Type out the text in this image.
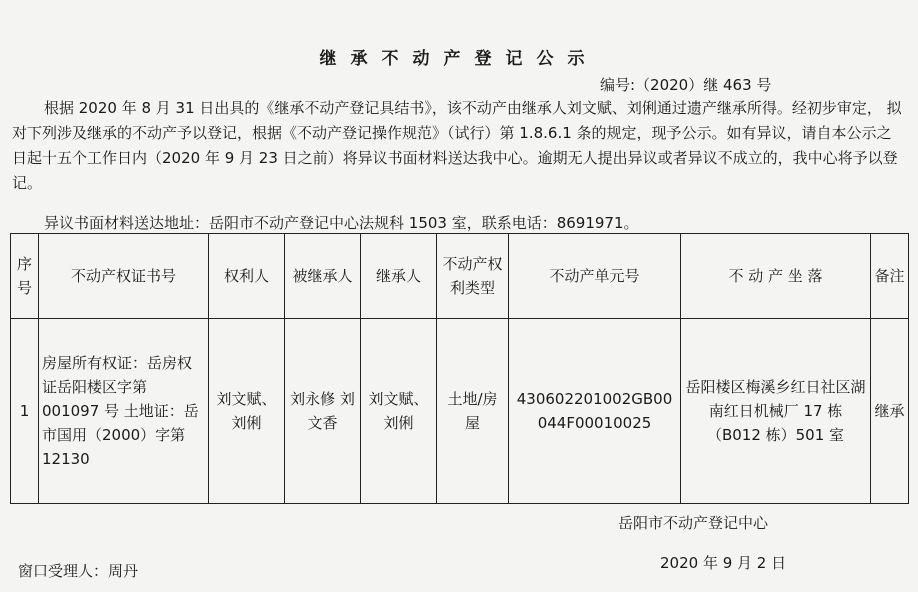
继承不动产登记公示
编号:（2020）继 463 号

根据 2020 年 8 月 31 日出具的《继承不动产登记具结书》，该不动产由继承人刘文赋、刘俐通过遗产继承所得。经初步审定， 拟对下列涉及继承的不动产予以登记，根据《不动产登记操作规范》（试行）第 1.8.6.1 条的规定，现予公示。如有异议，请自本公示之日起十五个工作日内（2020 年 9 月 23 日之前）将异议书面材料送达我中心。逾期无人提出异议或者异议不成立的，我中心将予以登记。

异议书面材料送达地址：岳阳市不动产登记中心法规科 1503 室，联系电话：8691971。
序号	不动产权证书号	权利人	被继承人	继承人	不动产权利类型	不动产单元号	不 动 产 坐 落	备注
1	房屋所有权证：岳房权证岳阳楼区字第 001097 号 土地证：岳市国用（2000）字第 12130	刘文赋、刘俐	刘永修 刘文香	刘文赋、刘俐	土地/房屋	430602201002GB00044F00010025	岳阳楼区梅溪乡红日社区湖南红日机械厂 17 栋（B012 栋）501 室	继承
岳阳市不动产登记中心
2020 年 9 月 2 日
窗口受理人：周丹
